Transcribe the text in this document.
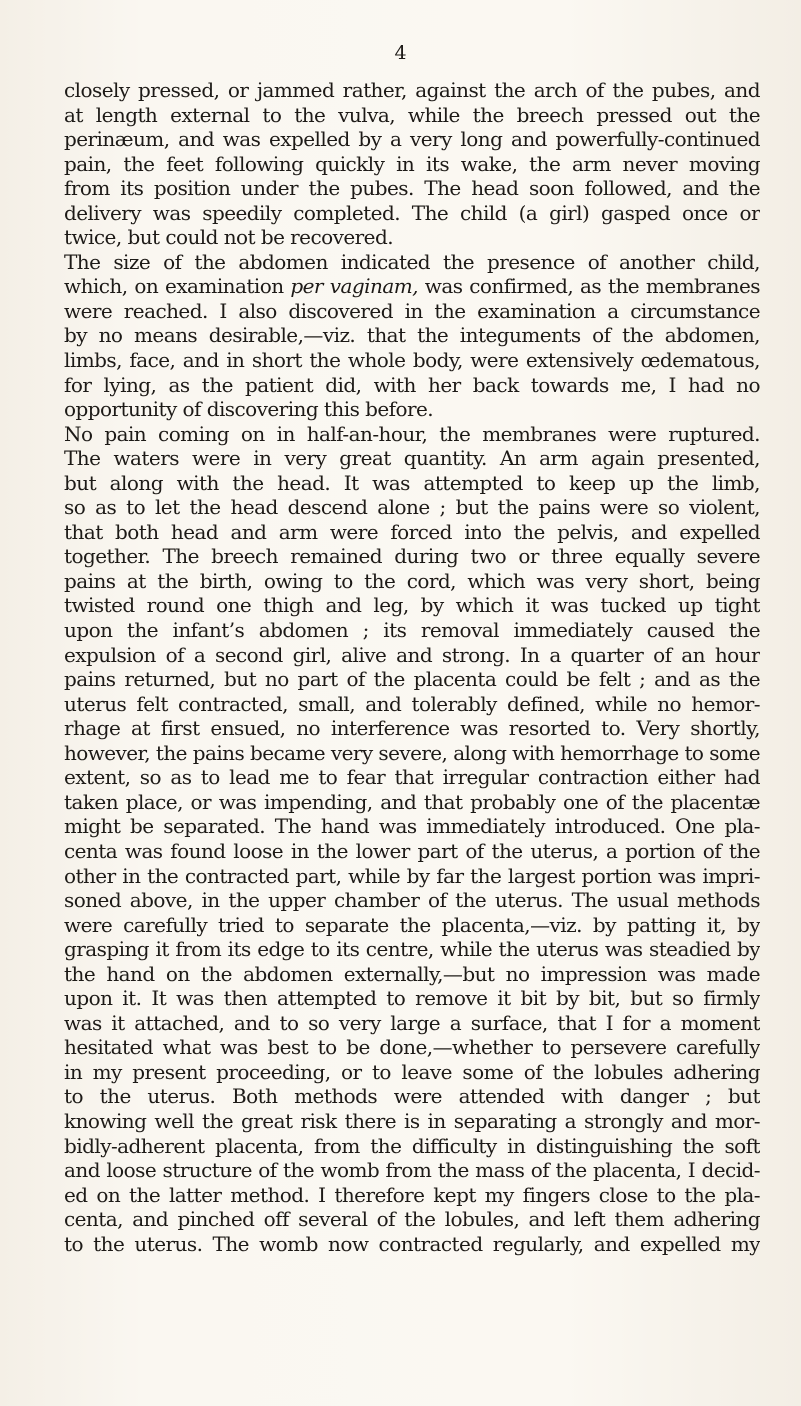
4
closely pressed, or jammed rather, against the arch of the pubes, and
at length external to the vulva, while the breech pressed out the
perinæum, and was expelled by a very long and powerfully-continued
pain, the feet following quickly in its wake, the arm never moving
from its position under the pubes. The head soon followed, and the
delivery was speedily completed. The child (a girl) gasped once or
twice, but could not be recovered.
The size of the abdomen indicated the presence of another child,
which, on examination per vaginam, was confirmed, as the membranes
were reached. I also discovered in the examination a circumstance
by no means desirable,—viz. that the integuments of the abdomen,
limbs, face, and in short the whole body, were extensively œdematous,
for lying, as the patient did, with her back towards me, I had no
opportunity of discovering this before.
No pain coming on in half-an-hour, the membranes were ruptured.
The waters were in very great quantity. An arm again presented,
but along with the head. It was attempted to keep up the limb,
so as to let the head descend alone ; but the pains were so violent,
that both head and arm were forced into the pelvis, and expelled
together. The breech remained during two or three equally severe
pains at the birth, owing to the cord, which was very short, being
twisted round one thigh and leg, by which it was tucked up tight
upon the infant’s abdomen ; its removal immediately caused the
expulsion of a second girl, alive and strong. In a quarter of an hour
pains returned, but no part of the placenta could be felt ; and as the
uterus felt contracted, small, and tolerably defined, while no hemor-
rhage at first ensued, no interference was resorted to. Very shortly,
however, the pains became very severe, along with hemorrhage to some
extent, so as to lead me to fear that irregular contraction either had
taken place, or was impending, and that probably one of the placentæ
might be separated. The hand was immediately introduced. One pla-
centa was found loose in the lower part of the uterus, a portion of the
other in the contracted part, while by far the largest portion was impri-
soned above, in the upper chamber of the uterus. The usual methods
were carefully tried to separate the placenta,—viz. by patting it, by
grasping it from its edge to its centre, while the uterus was steadied by
the hand on the abdomen externally,—but no impression was made
upon it. It was then attempted to remove it bit by bit, but so firmly
was it attached, and to so very large a surface, that I for a moment
hesitated what was best to be done,—whether to persevere carefully
in my present proceeding, or to leave some of the lobules adhering
to the uterus. Both methods were attended with danger ; but
knowing well the great risk there is in separating a strongly and mor-
bidly-adherent placenta, from the difficulty in distinguishing the soft
and loose structure of the womb from the mass of the placenta, I decid-
ed on the latter method. I therefore kept my fingers close to the pla-
centa, and pinched off several of the lobules, and left them adhering
to the uterus. The womb now contracted regularly, and expelled my
